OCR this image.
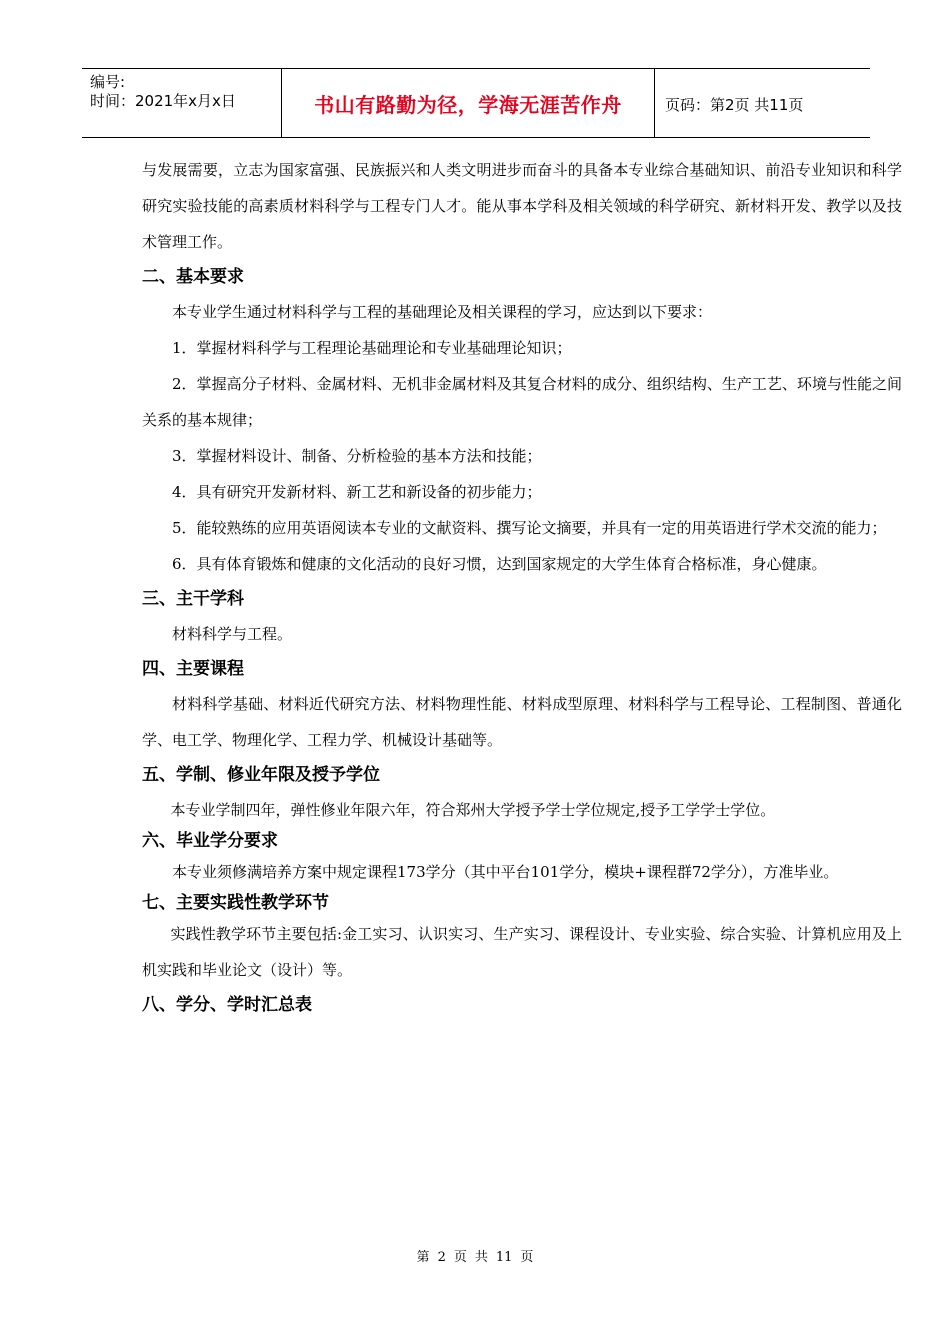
编号:
时间：2021年x月x日	书山有路勤为径，学海无涯苦作舟	页码：第2页 共11页

与发展需要，立志为国家富强、民族振兴和人类文明进步而奋斗的具备本专业综合基础知识、前沿专业知识和科学研究实验技能的高素质材料科学与工程专门人才。能从事本学科及相关领域的科学研究、新材料开发、教学以及技术管理工作。

二、基本要求

本专业学生通过材料科学与工程的基础理论及相关课程的学习，应达到以下要求：

1．掌握材料科学与工程理论基础理论和专业基础理论知识；

2．掌握高分子材料、金属材料、无机非金属材料及其复合材料的成分、组织结构、生产工艺、环境与性能之间关系的基本规律；

3．掌握材料设计、制备、分析检验的基本方法和技能；

4．具有研究开发新材料、新工艺和新设备的初步能力；

5．能较熟练的应用英语阅读本专业的文献资料、撰写论文摘要，并具有一定的用英语进行学术交流的能力；

6．具有体育锻炼和健康的文化活动的良好习惯，达到国家规定的大学生体育合格标准，身心健康。

三、主干学科

材料科学与工程。

四、主要课程

材料科学基础、材料近代研究方法、材料物理性能、材料成型原理、材料科学与工程导论、工程制图、普通化学、电工学、物理化学、工程力学、机械设计基础等。

五、学制、修业年限及授予学位

本专业学制四年，弹性修业年限六年，符合郑州大学授予学士学位规定,授予工学学士学位。

六、毕业学分要求

本专业须修满培养方案中规定课程173学分（其中平台101学分，模块+课程群72学分），方准毕业。

七、主要实践性教学环节

实践性教学环节主要包括:金工实习、认识实习、生产实习、课程设计、专业实验、综合实验、计算机应用及上机实践和毕业论文（设计）等。

八、学分、学时汇总表
第 2 页 共 11 页
